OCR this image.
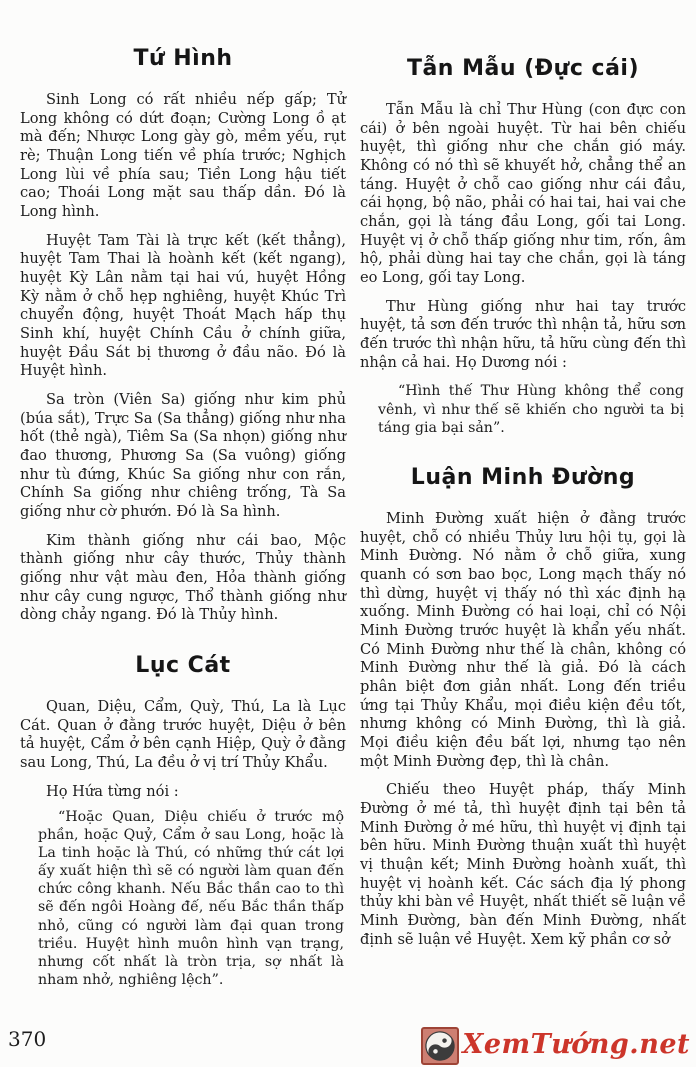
Tứ Hình

Sinh Long có rất nhiều nếp gấp; Tử Long không có dứt đoạn; Cường Long ồ ạt mà đến; Nhược Long gày gò, mềm yếu, rụt rè; Thuận Long tiến về phía trước; Nghịch Long lùi về phía sau; Tiền Long hậu tiết cao; Thoái Long mặt sau thấp dần. Đó là Long hình.

Huyệt Tam Tài là trực kết (kết thẳng), huyệt Tam Thai là hoành kết (kết ngang), huyệt Kỳ Lân nằm tại hai vú, huyệt Hồng Kỳ nằm ở chỗ hẹp nghiêng, huyệt Khúc Trì chuyển động, huyệt Thoát Mạch hấp thụ Sinh khí, huyệt Chính Cầu ở chính giữa, huyệt Đầu Sát bị thương ở đầu não. Đó là Huyệt hình.

Sa tròn (Viên Sa) giống như kim phủ (búa sắt), Trực Sa (Sa thẳng) giống như nha hốt (thẻ ngà), Tiêm Sa (Sa nhọn) giống như đao thương, Phương Sa (Sa vuông) giống như tù đứng, Khúc Sa giống như con rắn, Chính Sa giống như chiêng trống, Tà Sa giống như cờ phướn. Đó là Sa hình.

Kim thành giống như cái bao, Mộc thành giống như cây thước, Thủy thành giống như vật màu đen, Hỏa thành giống như cây cung ngược, Thổ thành giống như dòng chảy ngang. Đó là Thủy hình.

Lục Cát

Quan, Diệu, Cẩm, Quỳ, Thú, La là Lục Cát. Quan ở đằng trước huyệt, Diệu ở bên tả huyệt, Cẩm ở bên cạnh Hiệp, Quỳ ở đằng sau Long, Thú, La đều ở vị trí Thủy Khẩu.

Họ Hứa từng nói :

“Hoặc Quan, Diệu chiếu ở trước mộ phần, hoặc Quỷ, Cẩm ở sau Long, hoặc là La tinh hoặc là Thú, có những thứ cát lợi ấy xuất hiện thì sẽ có người làm quan đến chức công khanh. Nếu Bắc thần cao to thì sẽ đến ngôi Hoàng đế, nếu Bắc thần thấp nhỏ, cũng có người làm đại quan trong triều. Huyệt hình muôn hình vạn trạng, nhưng cốt nhất là tròn trịa, sợ nhất là nham nhở, nghiêng lệch”.

Tẫn Mẫu (Đực cái)

Tẫn Mẫu là chỉ Thư Hùng (con đực con cái) ở bên ngoài huyệt. Từ hai bên chiếu huyệt, thì giống như che chắn gió máy. Không có nó thì sẽ khuyết hở, chẳng thể an táng. Huyệt ở chỗ cao giống như cái đầu, cái họng, bộ não, phải có hai tai, hai vai che chắn, gọi là táng đầu Long, gối tai Long. Huyệt vị ở chỗ thấp giống như tim, rốn, âm hộ, phải dùng hai tay che chắn, gọi là táng eo Long, gối tay Long.

Thư Hùng giống như hai tay trước huyệt, tả sơn đến trước thì nhận tả, hữu sơn đến trước thì nhận hữu, tả hữu cùng đến thì nhận cả hai. Họ Dương nói :

“Hình thế Thư Hùng không thể cong vênh, vì như thế sẽ khiến cho người ta bị táng gia bại sản”.

Luận Minh Đường

Minh Đường xuất hiện ở đằng trước huyệt, chỗ có nhiều Thủy lưu hội tụ, gọi là Minh Đường. Nó nằm ở chỗ giữa, xung quanh có sơn bao bọc, Long mạch thấy nó thì dừng, huyệt vị thấy nó thì xác định hạ xuống. Minh Đường có hai loại, chỉ có Nội Minh Đường trước huyệt là khẩn yếu nhất. Có Minh Đường như thế là chân, không có Minh Đường như thế là giả. Đó là cách phân biệt đơn giản nhất. Long đến triều ứng tại Thủy Khẩu, mọi điều kiện đều tốt, nhưng không có Minh Đường, thì là giả. Mọi điều kiện đều bất lợi, nhưng tạo nên một Minh Đường đẹp, thì là chân.

Chiếu theo Huyệt pháp, thấy Minh Đường ở mé tả, thì huyệt định tại bên tả Minh Đường ở mé hữu, thì huyệt vị định tại bên hữu. Minh Đường thuận xuất thì huyệt vị thuận kết; Minh Đường hoành xuất, thì huyệt vị hoành kết. Các sách địa lý phong thủy khi bàn về Huyệt, nhất thiết sẽ luận về Minh Đường, bàn đến Minh Đường, nhất định sẽ luận về Huyệt. Xem kỹ phần cơ sở

370	XemTướng.net
